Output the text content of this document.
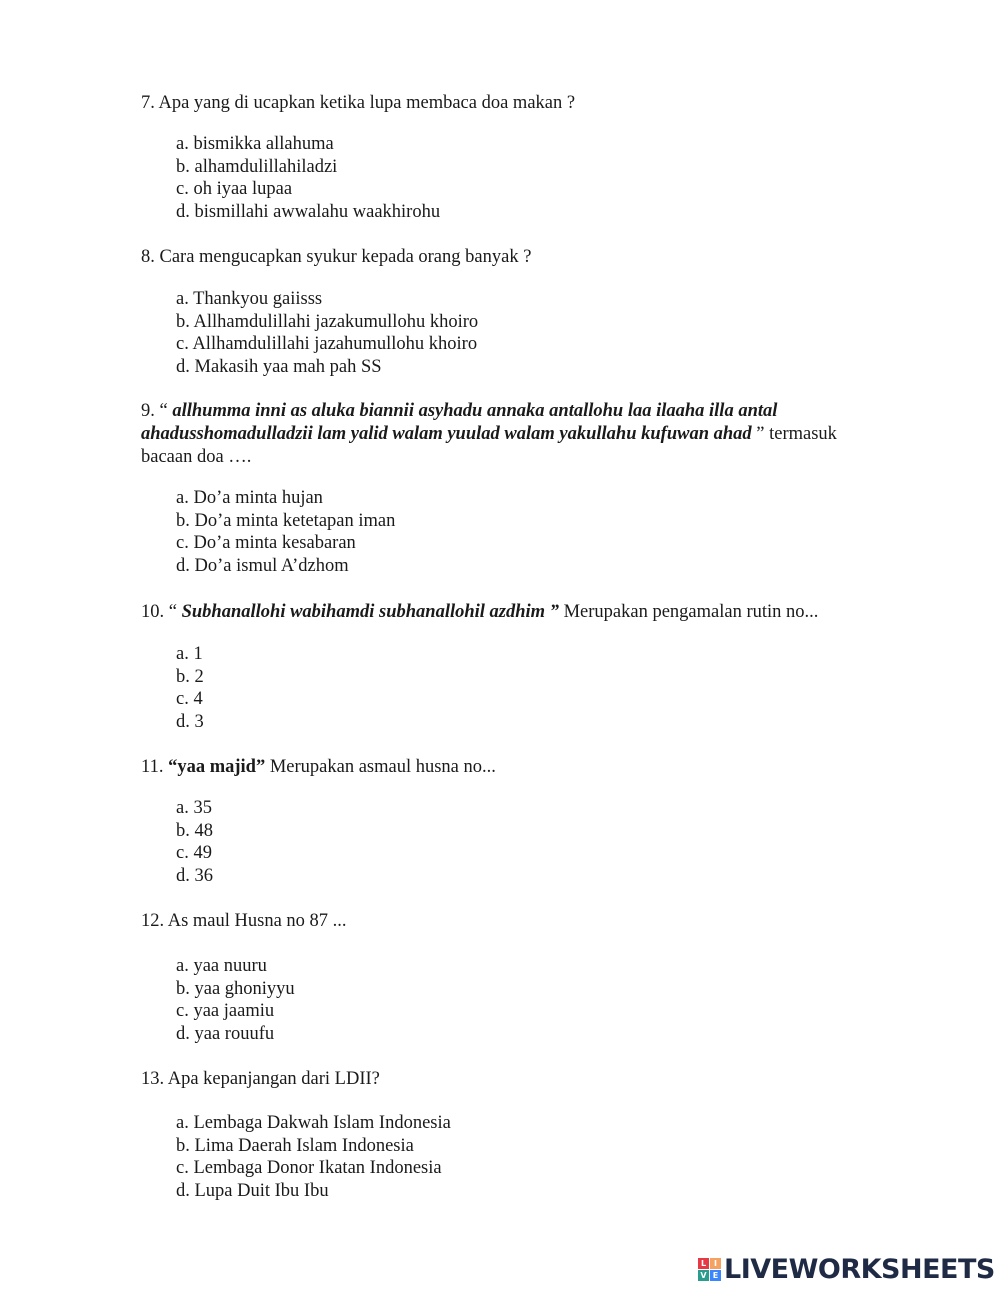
7. Apa yang di ucapkan ketika lupa membaca doa makan ?
a. bismikka allahuma
b. alhamdulillahiladzi
c. oh iyaa lupaa
d. bismillahi awwalahu waakhirohu
8. Cara mengucapkan syukur kepada orang banyak ?
a. Thankyou gaiisss
b. Allhamdulillahi jazakumullohu khoiro
c. Allhamdulillahi jazahumullohu khoiro
d. Makasih yaa mah pah SS
9. “ allhumma inni as aluka biannii asyhadu annaka antallohu laa ilaaha illa antal ahadusshomadulladzii lam yalid walam yuulad walam yakullahu kufuwan ahad ” termasuk bacaan doa ….
a. Do’a minta hujan
b. Do’a minta ketetapan iman
c. Do’a minta kesabaran
d. Do’a ismul A’dzhom
10. “ Subhanallohi wabihamdi subhanallohil azdhim ” Merupakan pengamalan rutin no...
a. 1
b. 2
c. 4
d. 3
11. “yaa majid” Merupakan asmaul husna no...
a. 35
b. 48
c. 49
d. 36
12. As maul Husna no 87 ...
a. yaa nuuru
b. yaa ghoniyyu
c. yaa jaamiu
d. yaa rouufu
13. Apa kepanjangan dari LDII?
a. Lembaga Dakwah Islam Indonesia
b. Lima Daerah Islam Indonesia
c. Lembaga Donor Ikatan Indonesia
d. Lupa Duit Ibu Ibu
L I
V E LIVEWORKSHEETS
